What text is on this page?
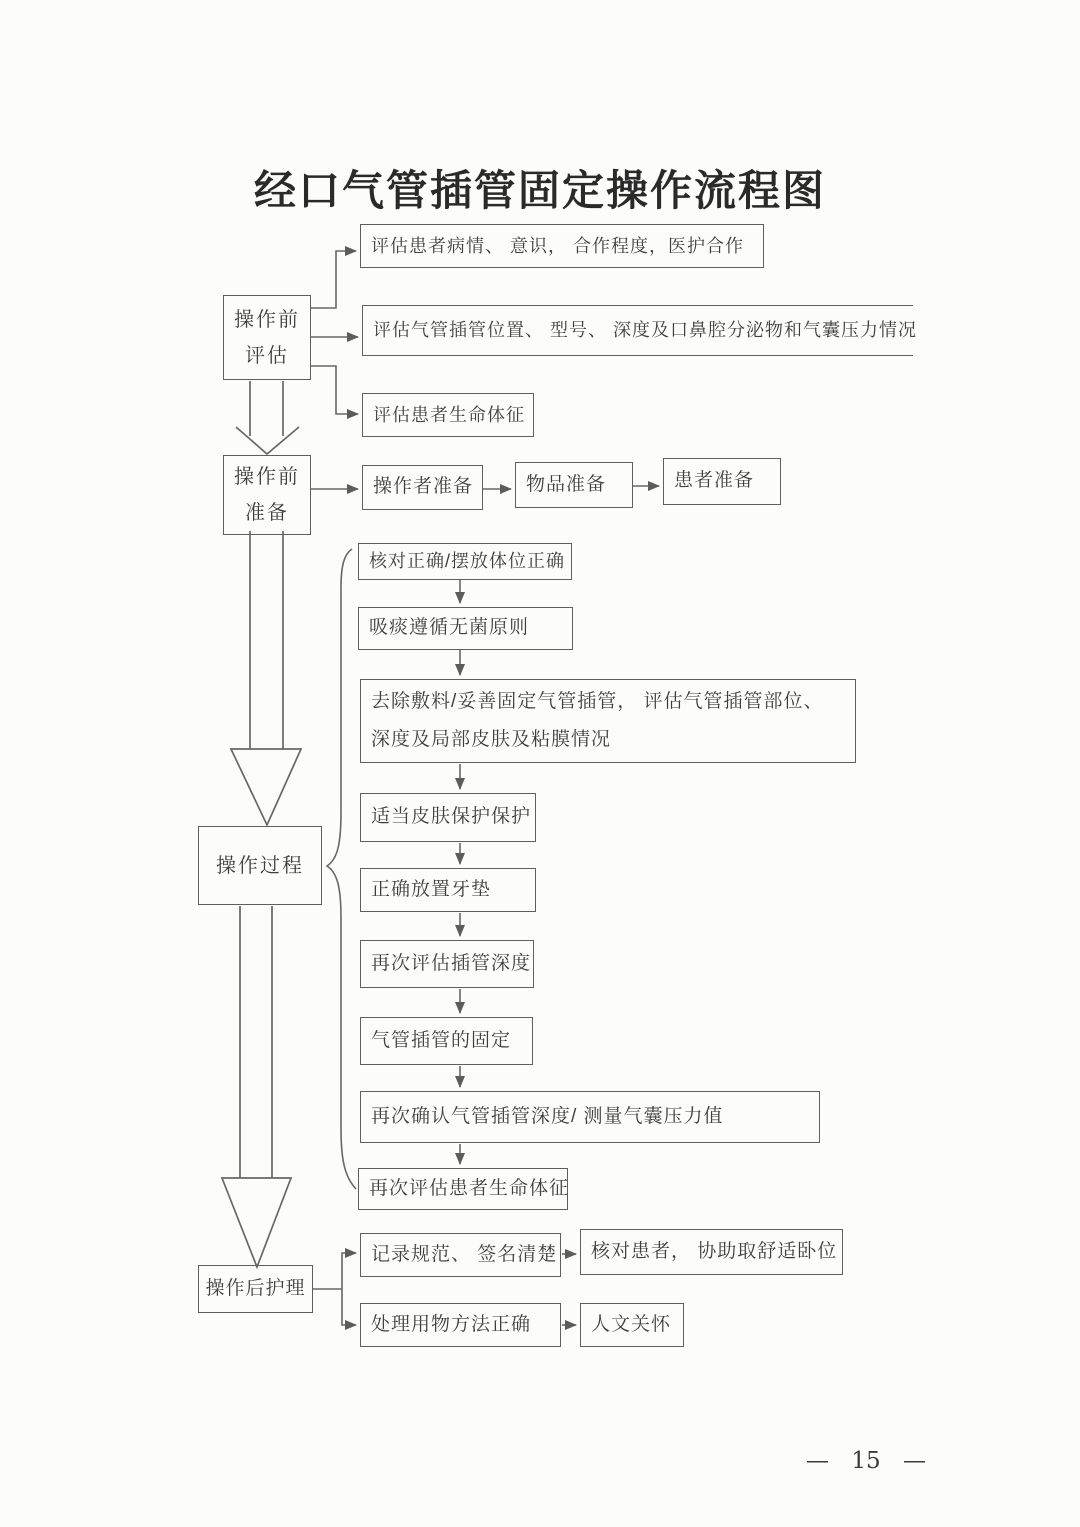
经口气管插管固定操作流程图
操作前
评估
操作前
准备
操作过程
操作后护理
评估患者病情、 意识， 合作程度，医护合作
评估气管插管位置、 型号、 深度及口鼻腔分泌物和气囊压力情况
评估患者生命体征
操作者准备	物品准备	患者准备
核对正确/摆放体位正确
吸痰遵循无菌原则
去除敷料/妥善固定气管插管， 评估气管插管部位、 深度及局部皮肤及粘膜情况
适当皮肤保护保护
正确放置牙垫
再次评估插管深度
气管插管的固定
再次确认气管插管深度/ 测量气囊压力值
再次评估患者生命体征
记录规范、 签名清楚	核对患者， 协助取舒适卧位
处理用物方法正确	人文关怀
— 15 —
